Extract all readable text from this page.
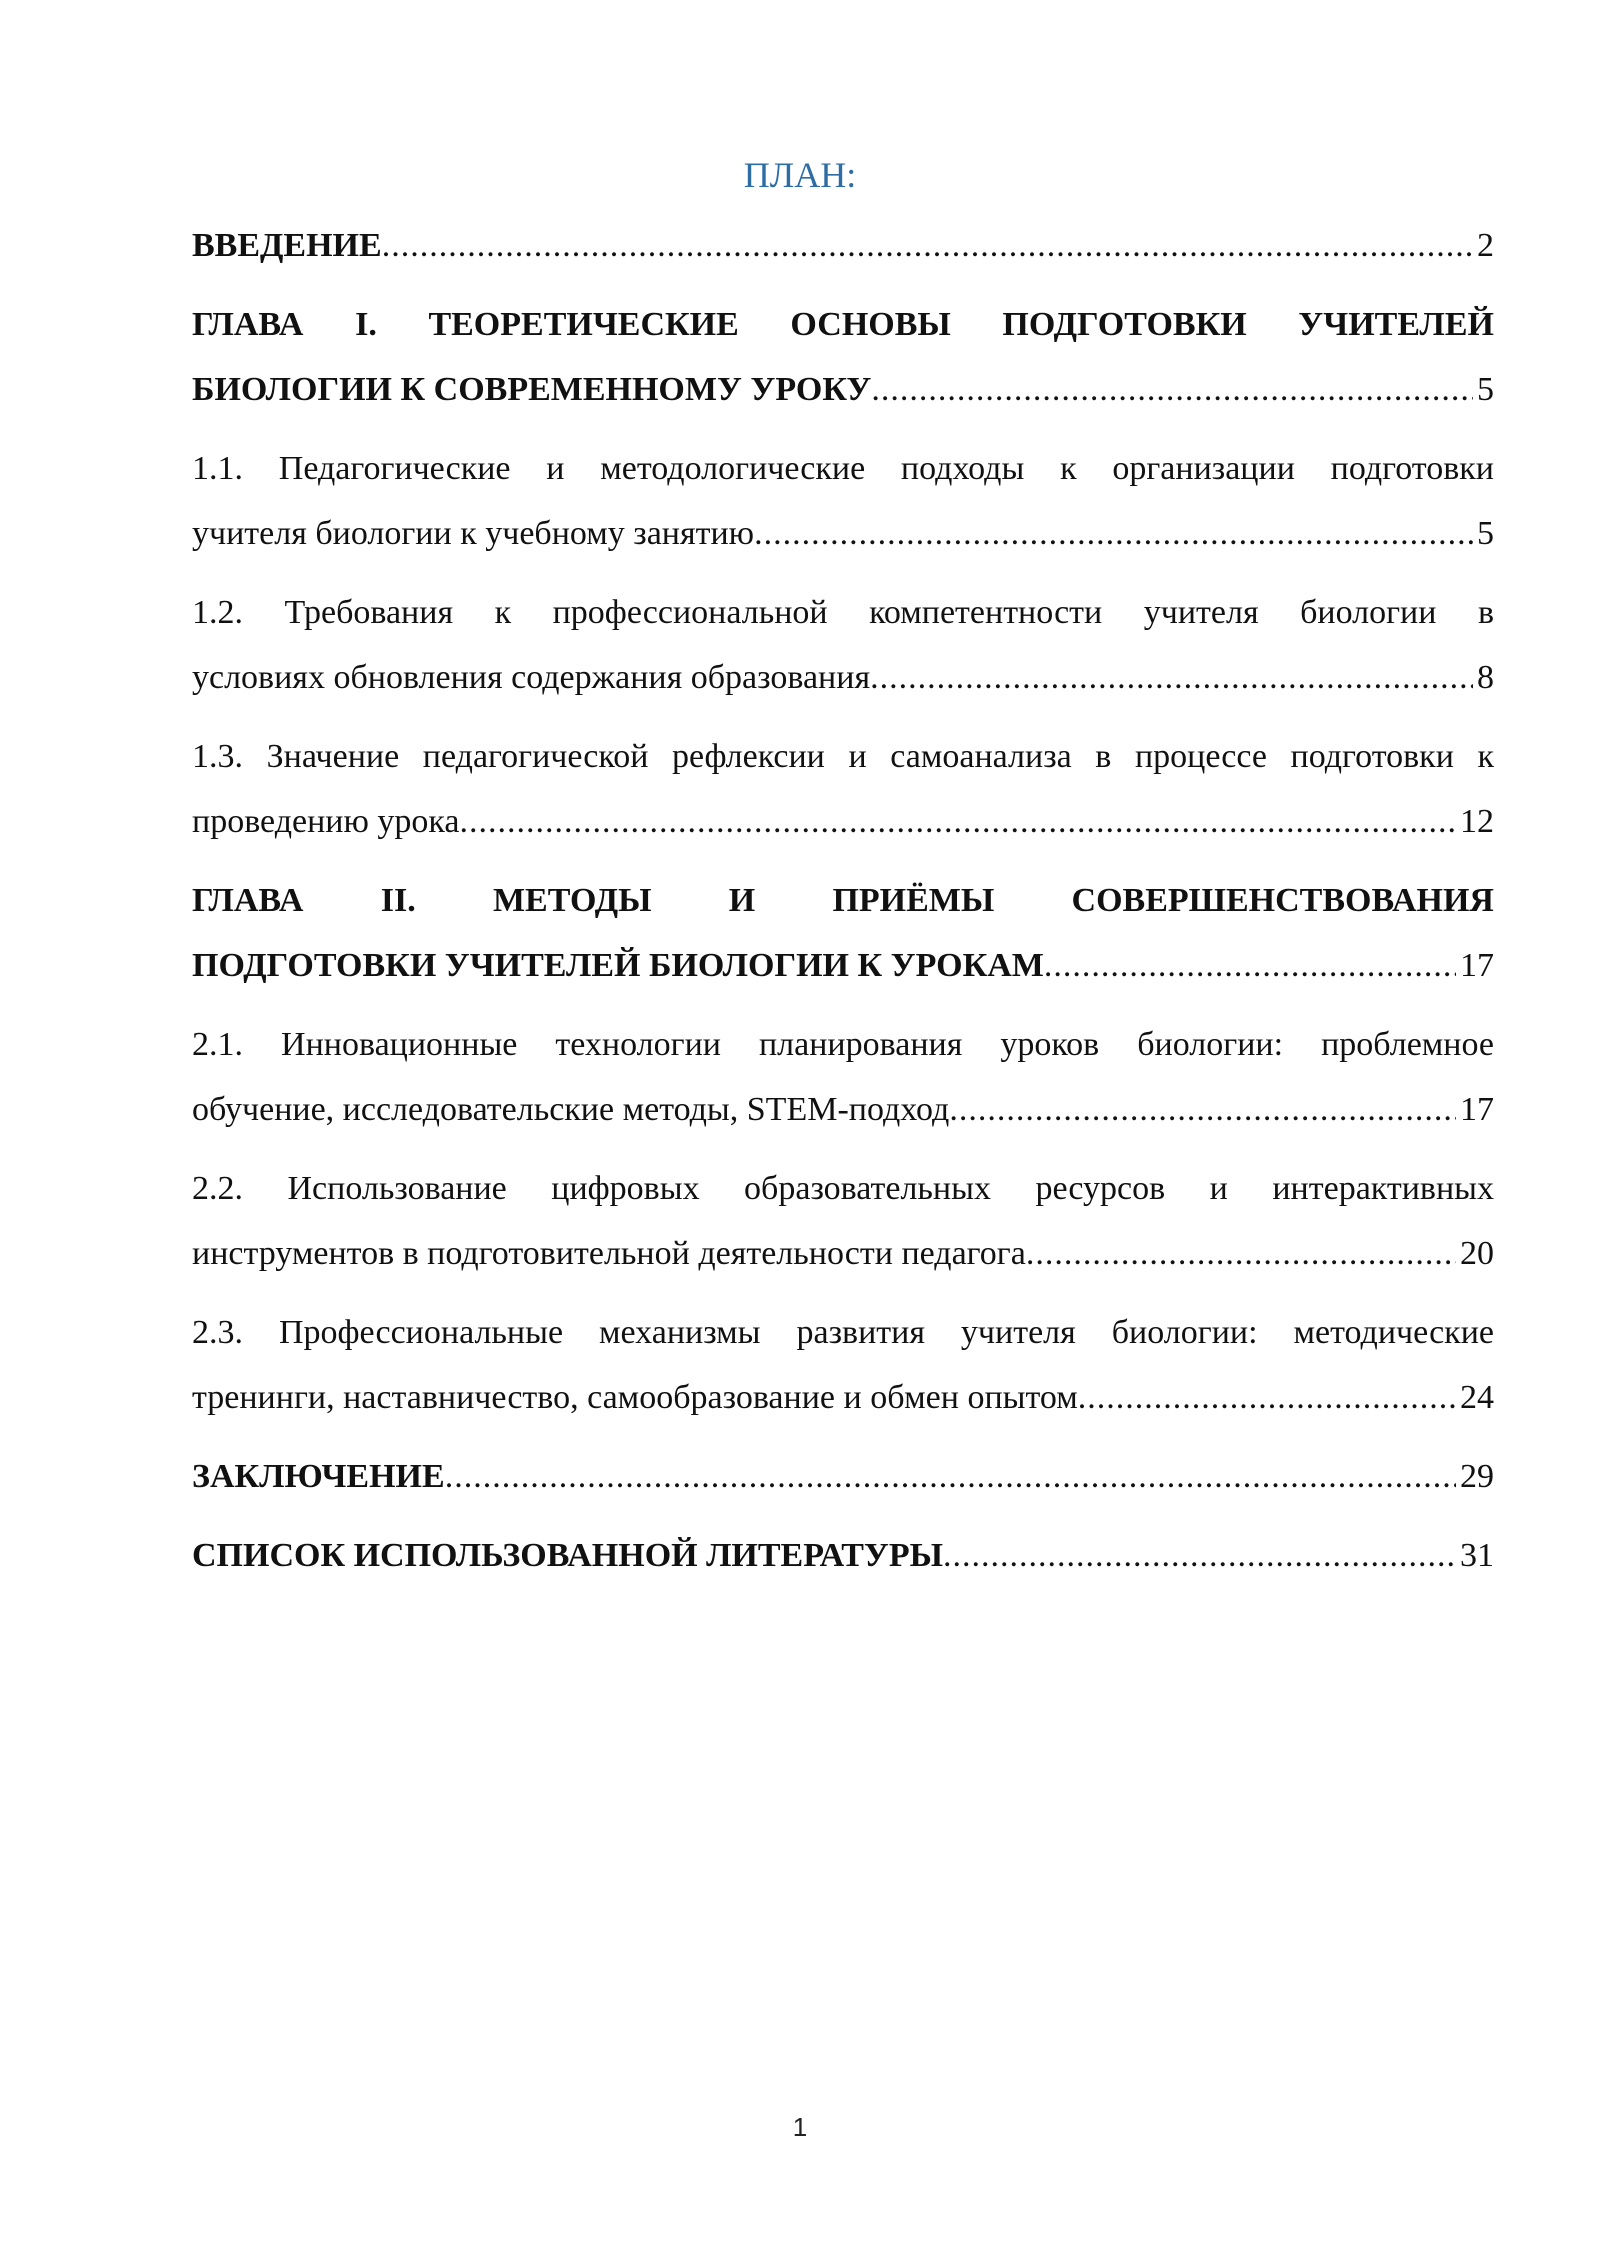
ПЛАН:
ВВЕДЕНИЕ .....	2
ГЛАВА I. ТЕОРЕТИЧЕСКИЕ ОСНОВЫ ПОДГОТОВКИ УЧИТЕЛЕЙ
БИОЛОГИИ К СОВРЕМЕННОМУ УРОКУ .....	5
1.1. Педагогические и методологические подходы к организации подготовки
учителя биологии к учебному занятию .....	5
1.2. Требования к профессиональной компетентности учителя биологии в
условиях обновления содержания образования .....	8
1.3. Значение педагогической рефлексии и самоанализа в процессе подготовки к
проведению урока .....	12
ГЛАВА II. МЕТОДЫ И ПРИЁМЫ СОВЕРШЕНСТВОВАНИЯ
ПОДГОТОВКИ УЧИТЕЛЕЙ БИОЛОГИИ К УРОКАМ .....	17
2.1. Инновационные технологии планирования уроков биологии: проблемное
обучение, исследовательские методы, STEM-подход .....	17
2.2. Использование цифровых образовательных ресурсов и интерактивных
инструментов в подготовительной деятельности педагога .....	20
2.3. Профессиональные механизмы развития учителя биологии: методические
тренинги, наставничество, самообразование и обмен опытом .....	24
ЗАКЛЮЧЕНИЕ .....	29
СПИСОК ИСПОЛЬЗОВАННОЙ ЛИТЕРАТУРЫ .....	31
1
